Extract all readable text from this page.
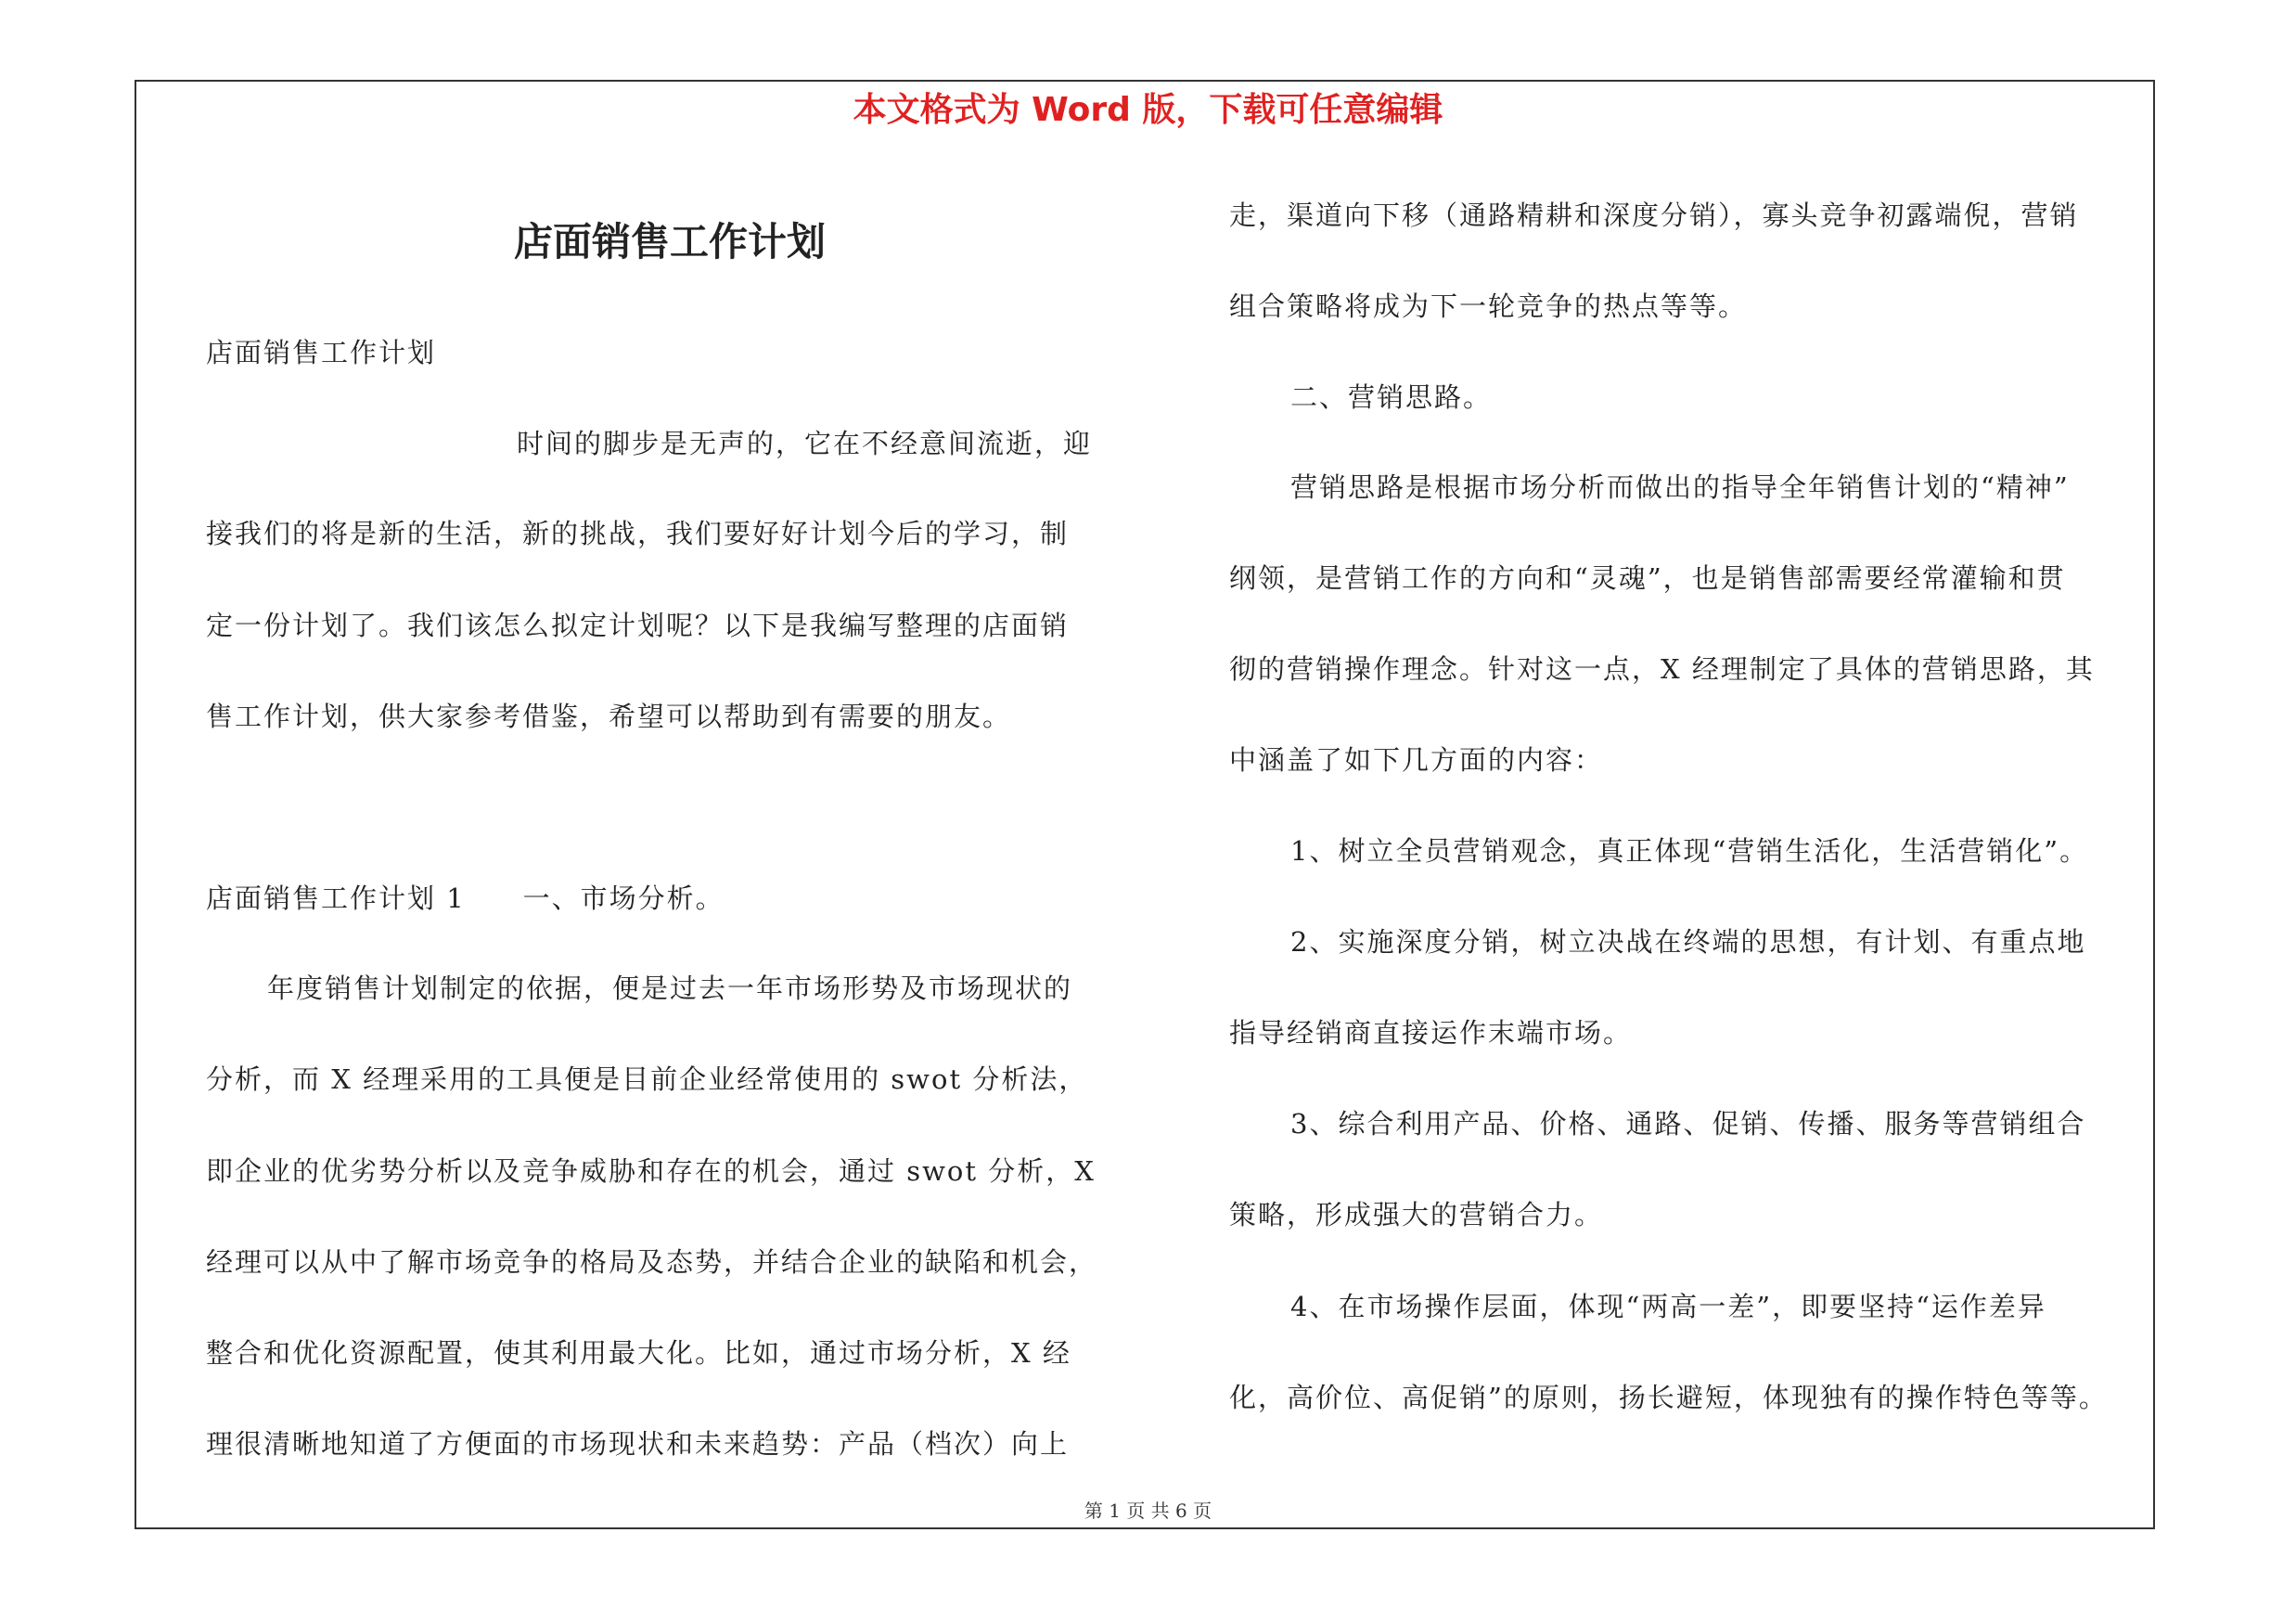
本文格式为 Word 版，下载可任意编辑
店面销售工作计划
店面销售工作计划
时间的脚步是无声的，它在不经意间流逝，迎
接我们的将是新的生活，新的挑战，我们要好好计划今后的学习，制
定一份计划了。我们该怎么拟定计划呢？以下是我编写整理的店面销
售工作计划，供大家参考借鉴，希望可以帮助到有需要的朋友。
店面销售工作计划 1　　一、市场分析。
年度销售计划制定的依据，便是过去一年市场形势及市场现状的
分析，而 X 经理采用的工具便是目前企业经常使用的 swot 分析法，
即企业的优劣势分析以及竞争威胁和存在的机会，通过 swot 分析，X
经理可以从中了解市场竞争的格局及态势，并结合企业的缺陷和机会，
整合和优化资源配置，使其利用最大化。比如，通过市场分析，X 经
理很清晰地知道了方便面的市场现状和未来趋势：产品（档次）向上
走，渠道向下移（通路精耕和深度分销），寡头竞争初露端倪，营销
组合策略将成为下一轮竞争的热点等等。
二、营销思路。
营销思路是根据市场分析而做出的指导全年销售计划的“精神”
纲领，是营销工作的方向和“灵魂”，也是销售部需要经常灌输和贯
彻的营销操作理念。针对这一点，X 经理制定了具体的营销思路，其
中涵盖了如下几方面的内容：
1、树立全员营销观念，真正体现“营销生活化，生活营销化”。
2、实施深度分销，树立决战在终端的思想，有计划、有重点地
指导经销商直接运作末端市场。
3、综合利用产品、价格、通路、促销、传播、服务等营销组合
策略，形成强大的营销合力。
4、在市场操作层面，体现“两高一差”，即要坚持“运作差异
化，高价位、高促销”的原则，扬长避短，体现独有的操作特色等等。
第 1 页 共 6 页
